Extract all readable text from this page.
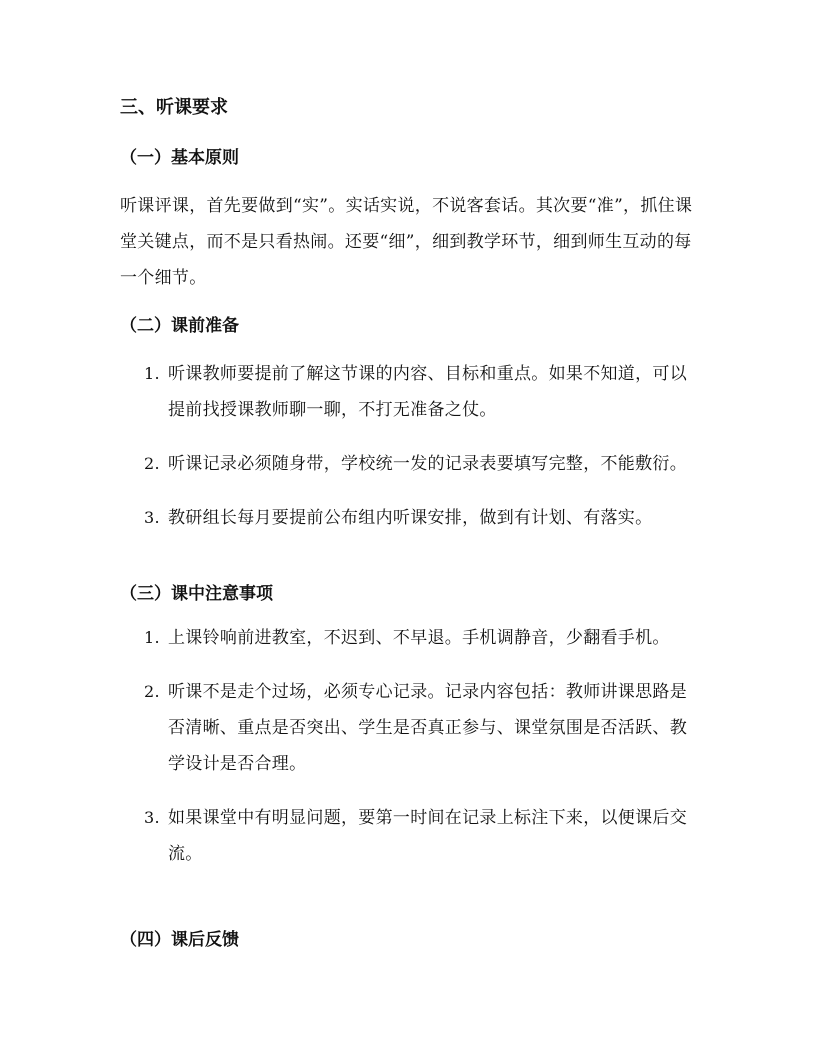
三、听课要求
（一）基本原则

听课评课，首先要做到“实”。实话实说，不说客套话。其次要“准”，抓住课堂关键点，而不是只看热闹。还要“细”，细到教学环节，细到师生互动的每一个细节。

（二）课前准备
1. 听课教师要提前了解这节课的内容、目标和重点。如果不知道，可以提前找授课教师聊一聊，不打无准备之仗。
2. 听课记录必须随身带，学校统一发的记录表要填写完整，不能敷衍。
3. 教研组长每月要提前公布组内听课安排，做到有计划、有落实。
（三）课中注意事项
1. 上课铃响前进教室，不迟到、不早退。手机调静音，少翻看手机。
2. 听课不是走个过场，必须专心记录。记录内容包括：教师讲课思路是否清晰、重点是否突出、学生是否真正参与、课堂氛围是否活跃、教学设计是否合理。
3. 如果课堂中有明显问题，要第一时间在记录上标注下来，以便课后交流。
（四）课后反馈
